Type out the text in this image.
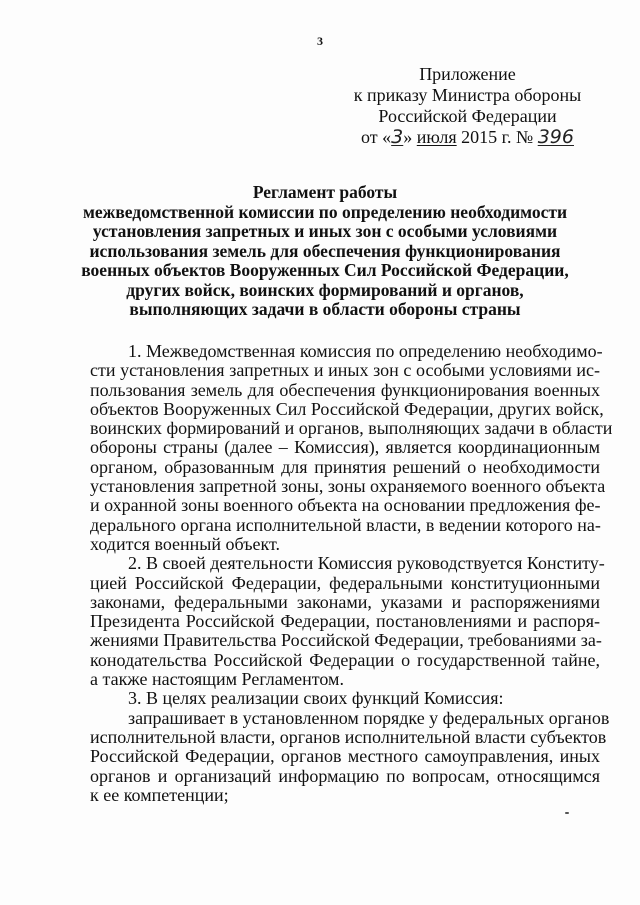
3
Приложение
к приказу Министра обороны
Российской Федерации
от «3» июля 2015 г. № 396
Регламент работы
межведомственной комиссии по определению необходимости
установления запретных и иных зон с особыми условиями
использования земель для обеспечения функционирования
военных объектов Вооруженных Сил Российской Федерации,
других войск, воинских формирований и органов,
выполняющих задачи в области обороны страны
1. Межведомственная комиссия по определению необходимо-
сти установления запретных и иных зон с особыми условиями ис-
пользования земель для обеспечения функционирования военных
объектов Вооруженных Сил Российской Федерации, других войск,
воинских формирований и органов, выполняющих задачи в области
обороны страны (далее – Комиссия), является координационным
органом, образованным для принятия решений о необходимости
установления запретной зоны, зоны охраняемого военного объекта
и охранной зоны военного объекта на основании предложения фе-
дерального органа исполнительной власти, в ведении которого на-
ходится военный объект.
2. В своей деятельности Комиссия руководствуется Конститу-
цией Российской Федерации, федеральными конституционными
законами, федеральными законами, указами и распоряжениями
Президента Российской Федерации, постановлениями и распоря-
жениями Правительства Российской Федерации, требованиями за-
конодательства Российской Федерации о государственной тайне,
а также настоящим Регламентом.
3. В целях реализации своих функций Комиссия:
запрашивает в установленном порядке у федеральных органов
исполнительной власти, органов исполнительной власти субъектов
Российской Федерации, органов местного самоуправления, иных
органов и организаций информацию по вопросам, относящимся
к ее компетенции;
